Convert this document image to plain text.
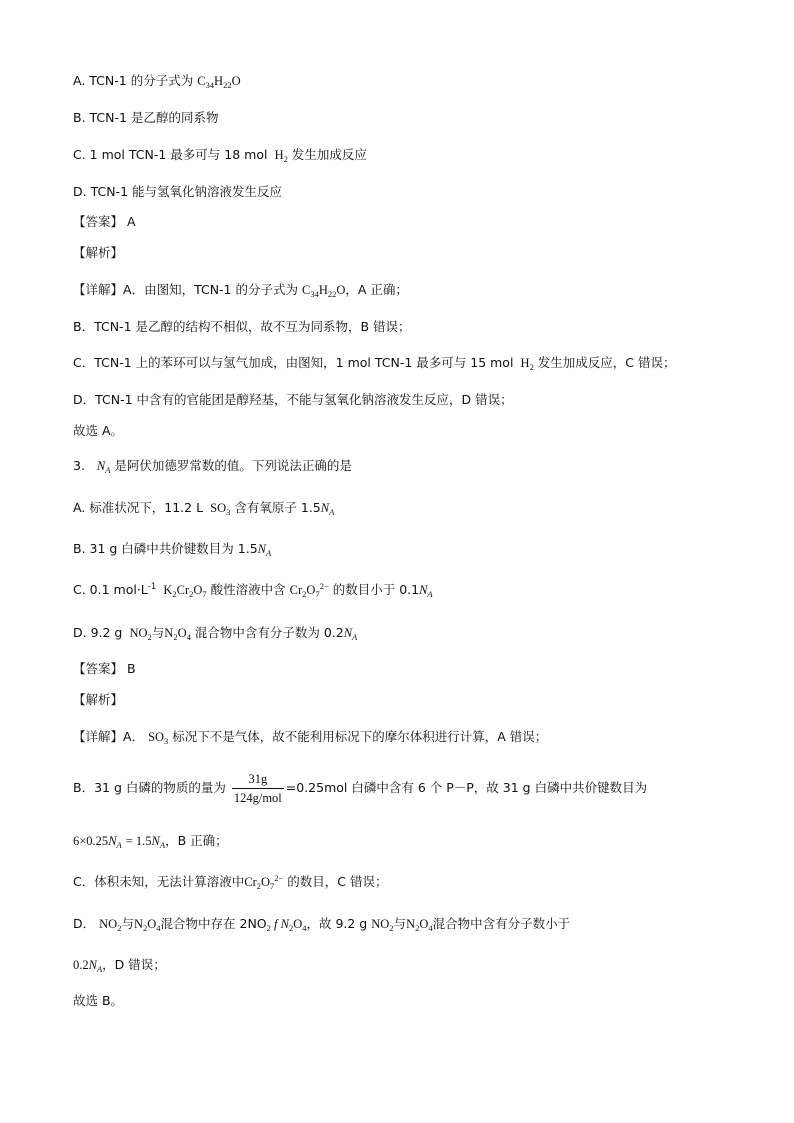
A. TCN-1 的分子式为 $C_{34}H_{22}O$
B. TCN-1 是乙醇的同系物
C. 1 mol TCN-1 最多可与 18 mol  $H_2$ 发生加成反应
D. TCN-1 能与氢氧化钠溶液发生反应
【答案】 A
【解析】
【详解】A．由图知，TCN-1 的分子式为 $C_{34}H_{22}O$，A 正确；
B．TCN-1 是乙醇的结构不相似，故不互为同系物，B 错误；
C．TCN-1 上的苯环可以与氢气加成，由图知，1 mol TCN-1 最多可与 15 mol  $H_2$ 发生加成反应，C 错误；
D．TCN-1 中含有的官能团是醇羟基，不能与氢氧化钠溶液发生反应，D 错误；
故选 A。
3. $N_A$ 是阿伏加德罗常数的值。下列说法正确的是
A. 标准状况下，11.2 L  $SO_3$ 含有氧原子 $1.5N_A$
B. 31 g 白磷中共价键数目为 $1.5N_A$
C. 0.1 $mol\cdot L^{-1}$  $K_2Cr_2O_7$ 酸性溶液中含 $Cr_2O_7^{2-}$ 的数目小于 $0.1N_A$
D. 9.2 g  $NO_2$与$N_2O_4$ 混合物中含有分子数为 $0.2N_A$
【答案】 B
【解析】
【详解】A． $SO_3$ 标况下不是气体，故不能利用标况下的摩尔体积进行计算，A 错误；
B．31 g 白磷的物质的量为 $\frac{31g}{\text{124g/mol}} =0.25mol$ 白磷中含有 6 个 P－P，故 31 g 白磷中共价键数目为
$6\times 0.25N_A = 1.5N_A$，B 正确；
C．体积未知，无法计算溶液中$Cr_2O_7^{2-}$ 的数目，C 错误；
D． $NO_2$与$N_2O_4$混合物中存在 $2NO_2$ f $N_2O_4$，故 9.2 g $NO_2$与$N_2O_4$混合物中含有分子数小于
$0.2N_A$，D 错误；
故选 B。
